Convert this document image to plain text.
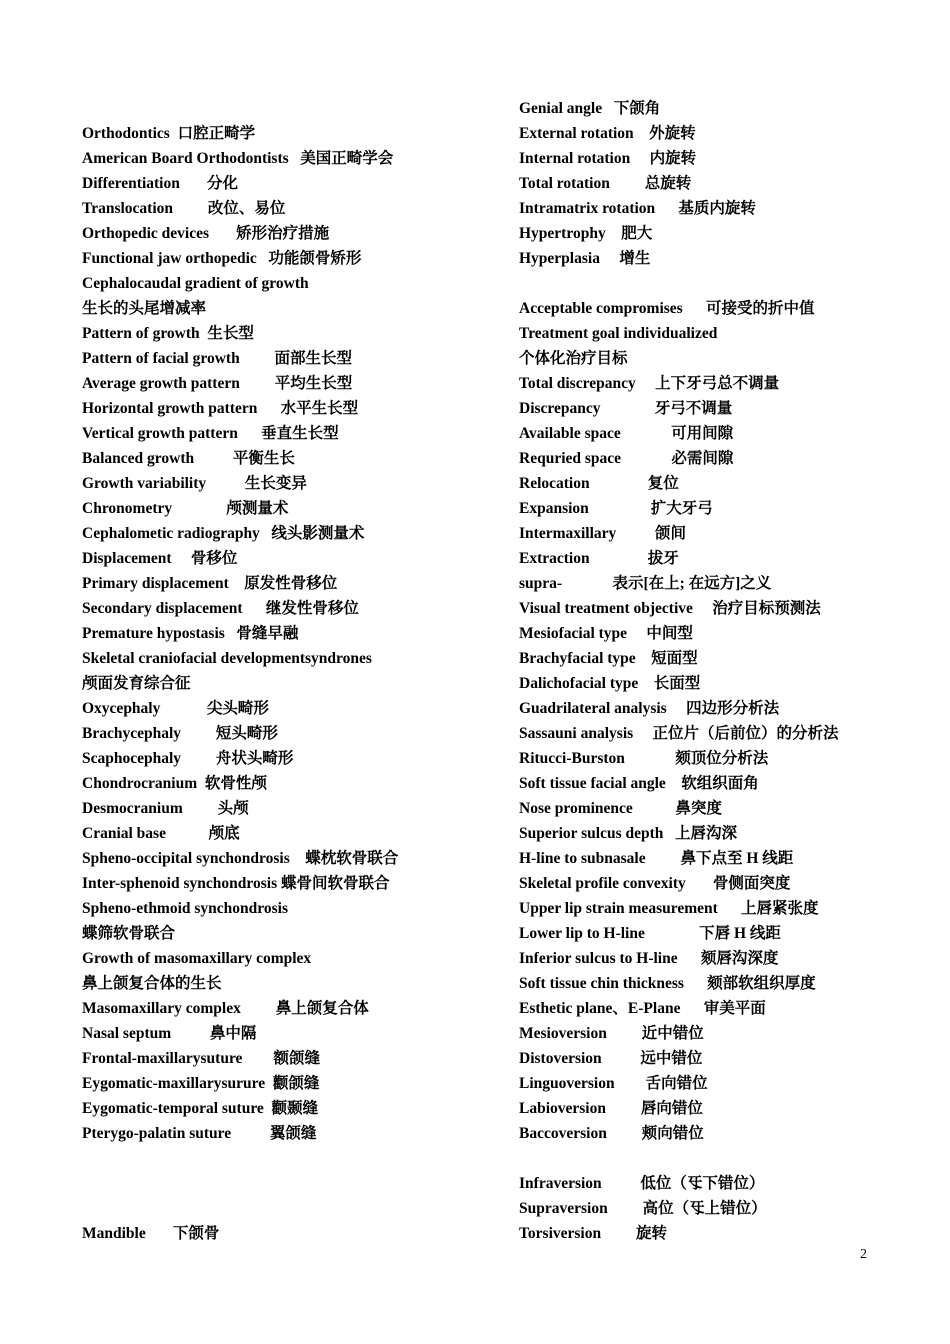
Orthodontics  口腔正畸学
American Board Orthodontists   美国正畸学会
Differentiation       分化
Translocation         改位、易位
Orthopedic devices       矫形治疗措施
Functional jaw orthopedic   功能颌骨矫形
Cephalocaudal gradient of growth
生长的头尾增减率
Pattern of growth  生长型
Pattern of facial growth         面部生长型
Average growth pattern         平均生长型
Horizontal growth pattern      水平生长型
Vertical growth pattern      垂直生长型
Balanced growth          平衡生长
Growth variability          生长变异
Chronometry              颅测量术
Cephalometic radiography   线头影测量术
Displacement     骨移位
Primary displacement    原发性骨移位
Secondary displacement      继发性骨移位
Premature hypostasis   骨缝早融
Skeletal craniofacial developmentsyndrones
颅面发育综合征
Oxycephaly            尖头畸形
Brachycephaly         短头畸形
Scaphocephaly         舟状头畸形
Chondrocranium  软骨性颅
Desmocranium         头颅
Cranial base           颅底
Spheno-occipital synchondrosis    蝶枕软骨联合
Inter-sphenoid synchondrosis 蝶骨间软骨联合
Spheno-ethmoid synchondrosis
蝶筛软骨联合
Growth of masomaxillary complex
鼻上颌复合体的生长
Masomaxillary complex         鼻上颌复合体
Nasal septum          鼻中隔
Frontal-maxillarysuture        额颌缝
Eygomatic-maxillarysurure  颧颌缝
Eygomatic-temporal suture  颧颞缝
Pterygo-palatin suture          翼颌缝
Mandible       下颌骨
Genial angle   下颌角
External rotation    外旋转
Internal rotation     内旋转
Total rotation         总旋转
Intramatrix rotation      基质内旋转
Hypertrophy    肥大
Hyperplasia     增生
Acceptable compromises      可接受的折中值
Treatment goal individualized
个体化治疗目标
Total discrepancy     上下牙弓总不调量
Discrepancy              牙弓不调量
Available space             可用间隙
Requried space             必需间隙
Relocation               复位
Expansion                扩大牙弓
Intermaxillary          颌间
Extraction               拔牙
supra-             表示[在上; 在远方]之义
Visual treatment objective     治疗目标预测法
Mesiofacial type     中间型
Brachyfacial type    短面型
Dalichofacial type    长面型
Guadrilateral analysis     四边形分析法
Sassauni analysis     正位片（后前位）的分析法
Ritucci-Burston             颏顶位分析法
Soft tissue facial angle    软组织面角
Nose prominence           鼻突度
Superior sulcus depth   上唇沟深
H-line to subnasale         鼻下点至 H 线距
Skeletal profile convexity       骨侧面突度
Upper lip strain measurement      上唇紧张度
Lower lip to H-line              下唇 H 线距
Inferior sulcus to H-line      颏唇沟深度
Soft tissue chin thickness      颏部软组织厚度
Esthetic plane、E-Plane      审美平面
Mesioversion         近中错位
Distoversion          远中错位
Linguoversion        舌向错位
Labioversion         唇向错位
Baccoversion         颊向错位
Infraversion          低位（㸦下错位）
Supraversion         高位（㸦上错位）
Torsiversion         旋转
2
